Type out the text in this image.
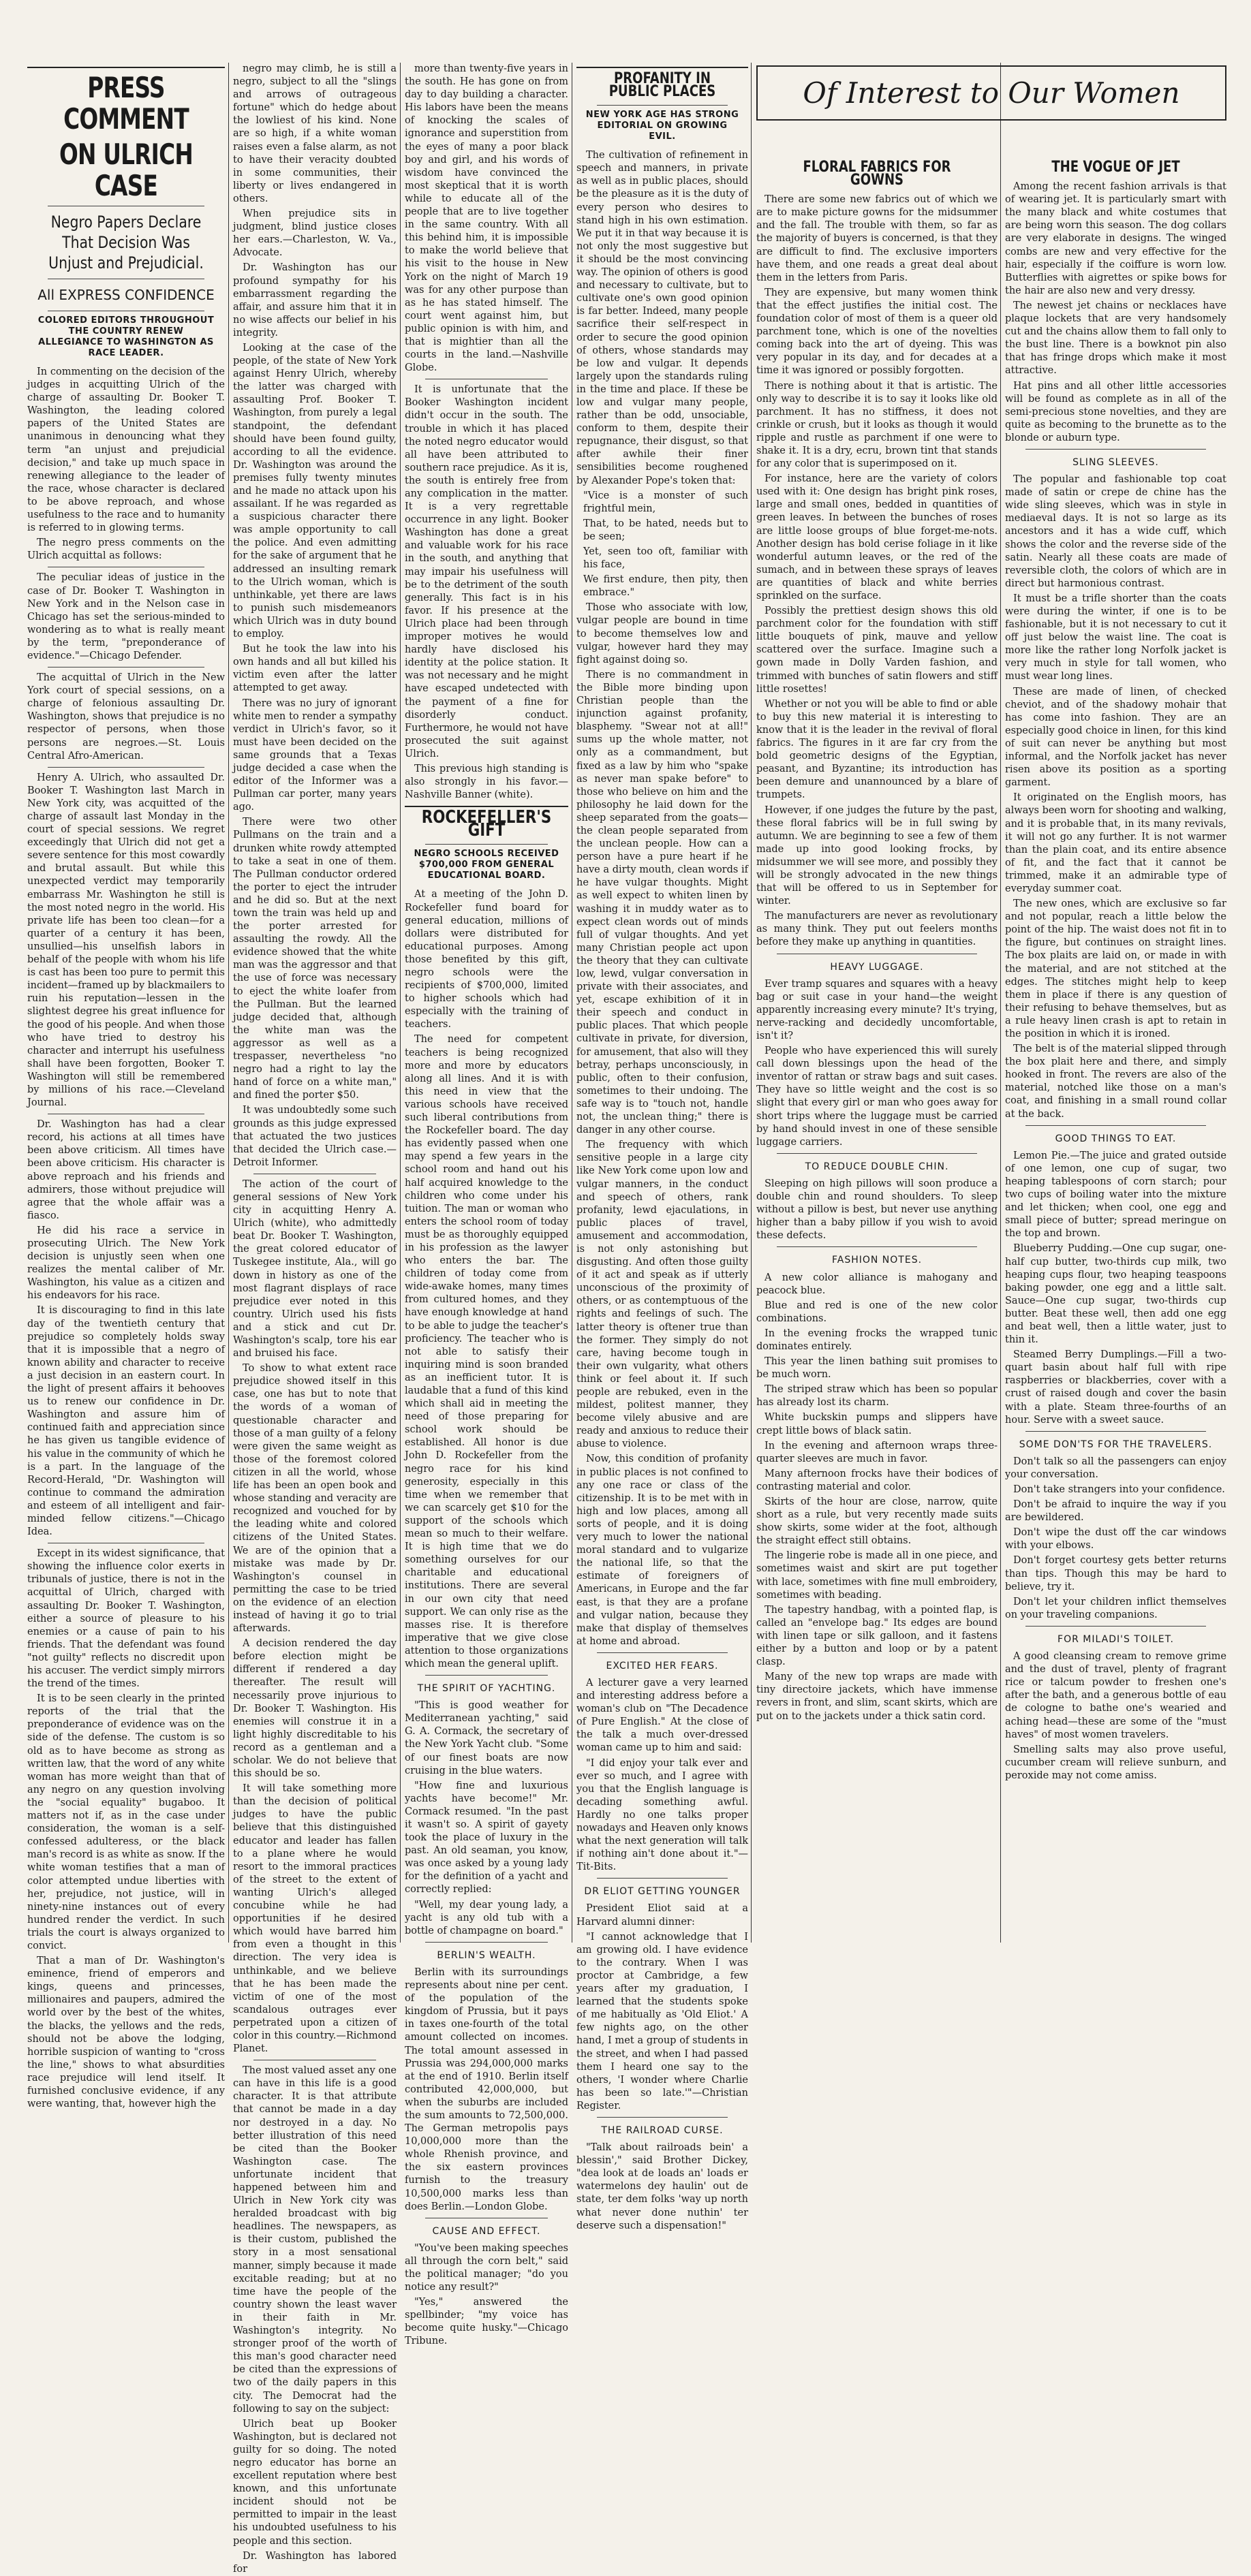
PRESS COMMENT
ON ULRICH CASE
Negro Papers Declare That Decision Was Unjust and Prejudicial.
All EXPRESS CONFIDENCE
COLORED EDITORS THROUGHOUT THE COUNTRY RENEW ALLEGIANCE TO WASHINGTON AS RACE LEADER.

In commenting on the decision of the judges in acquitting Ulrich of the charge of assaulting Dr. Booker T. Washington, the leading colored papers of the United States are unanimous in denouncing what they term "an unjust and prejudicial decision," and take up much space in renewing allegiance to the leader of the race, whose character is declared to be above reproach, and whose usefulness to the race and to humanity is referred to in glowing terms.

The negro press comments on the Ulrich acquittal as follows:

The peculiar ideas of justice in the case of Dr. Booker T. Washington in New York and in the Nelson case in Chicago has set the serious-minded to wondering as to what is really meant by the term, "preponderance of evidence."—Chicago Defender.

The acquittal of Ulrich in the New York court of special sessions, on a charge of felonious assaulting Dr. Washington, shows that prejudice is no respector of persons, when those persons are negroes.—St. Louis Central Afro-American.

Henry A. Ulrich, who assaulted Dr. Booker T. Washington last March in New York city, was acquitted of the charge of assault last Monday in the court of special sessions. We regret exceedingly that Ulrich did not get a severe sentence for this most cowardly and brutal assault. But while this unexpected verdict may temporarily embarrass Mr. Washington he still is the most noted negro in the world. His private life has been too clean—for a quarter of a century it has been, unsullied—his unselfish labors in behalf of the people with whom his life is cast has been too pure to permit this incident—framed up by blackmailers to ruin his reputation—lessen in the slightest degree his great influence for the good of his people. And when those who have tried to destroy his character and interrupt his usefulness shall have been forgotten, Booker T. Washington will still be remembered by millions of his race.—Cleveland Journal.

Dr. Washington has had a clear record, his actions at all times have been above criticism. All times have been above criticism. His character is above reproach and his friends and admirers, those without prejudice will agree that the whole affair was a fiasco.

He did his race a service in prosecuting Ulrich. The New York decision is unjustly seen when one realizes the mental caliber of Mr. Washington, his value as a citizen and his endeavors for his race.

It is discouraging to find in this late day of the twentieth century that prejudice so completely holds sway that it is impossible that a negro of known ability and character to receive a just decision in an eastern court. In the light of present affairs it behooves us to renew our confidence in Dr. Washington and assure him of continued faith and appreciation since he has given us tangible evidence of his value in the community of which he is a part. In the language of the Record-Herald, "Dr. Washington will continue to command the admiration and esteem of all intelligent and fair-minded fellow citizens."—Chicago Idea.

Except in its widest significance, that showing the influence color exerts in tribunals of justice, there is not in the acquittal of Ulrich, charged with assaulting Dr. Booker T. Washington, either a source of pleasure to his enemies or a cause of pain to his friends. That the defendant was found "not guilty" reflects no discredit upon his accuser. The verdict simply mirrors the trend of the times.

It is to be seen clearly in the printed reports of the trial that the preponderance of evidence was on the side of the defense. The custom is so old as to have become as strong as written law, that the word of any white woman has more weight than that of any negro on any question involving the "social equality" bugaboo. It matters not if, as in the case under consideration, the woman is a self-confessed adulteress, or the black man's record is as white as snow. If the white woman testifies that a man of color attempted undue liberties with her, prejudice, not justice, will in ninety-nine instances out of every hundred render the verdict. In such trials the court is always organized to convict.

That a man of Dr. Washington's eminence, friend of emperors and kings, queens and princesses, millionaires and paupers, admired the world over by the best of the whites, the blacks, the yellows and the reds, should not be above the lodging, horrible suspicion of wanting to "cross the line," shows to what absurdities race prejudice will lend itself. It furnished conclusive evidence, if any were wanting, that, however high the

negro may climb, he is still a negro, subject to all the "slings and arrows of outrageous fortune" which do hedge about the lowliest of his kind. None are so high, if a white woman raises even a false alarm, as not to have their veracity doubted in some communities, their liberty or lives endangered in others.

When prejudice sits in judgment, blind justice closes her ears.—Charleston, W. Va., Advocate.

Dr. Washington has our profound sympathy for his embarrassment regarding the affair, and assure him that it in no wise affects our belief in his integrity.

Looking at the case of the people, of the state of New York against Henry Ulrich, whereby the latter was charged with assaulting Prof. Booker T. Washington, from purely a legal standpoint, the defendant should have been found guilty, according to all the evidence. Dr. Washington was around the premises fully twenty minutes and he made no attack upon his assailant. If he was regarded as a suspicious character there was ample opportunity to call the police. And even admitting for the sake of argument that he addressed an insulting remark to the Ulrich woman, which is unthinkable, yet there are laws to punish such misdemeanors which Ulrich was in duty bound to employ.

But he took the law into his own hands and all but killed his victim even after the latter attempted to get away.

There was no jury of ignorant white men to render a sympathy verdict in Ulrich's favor, so it must have been decided on the same grounds that a Texas judge decided a case when the editor of the Informer was a Pullman car porter, many years ago.

There were two other Pullmans on the train and a drunken white rowdy attempted to take a seat in one of them. The Pullman conductor ordered the porter to eject the intruder and he did so. But at the next town the train was held up and the porter arrested for assaulting the rowdy. All the evidence showed that the white man was the aggressor and that the use of force was necessary to eject the white loafer from the Pullman. But the learned judge decided that, although the white man was the aggressor as well as a trespasser, nevertheless "no negro had a right to lay the hand of force on a white man," and fined the porter $50.

It was undoubtedly some such grounds as this judge expressed that actuated the two justices that decided the Ulrich case.—Detroit Informer.

The action of the court of general sessions of New York city in acquitting Henry A. Ulrich (white), who admittedly beat Dr. Booker T. Washington, the great colored educator of Tuskegee institute, Ala., will go down in history as one of the most flagrant displays of race prejudice ever noted in this country. Ulrich used his fists and a stick and cut Dr. Washington's scalp, tore his ear and bruised his face.

To show to what extent race prejudice showed itself in this case, one has but to note that the words of a woman of questionable character and those of a man guilty of a felony were given the same weight as those of the foremost colored citizen in all the world, whose life has been an open book and whose standing and veracity are recognized and vouched for by the leading white and colored citizens of the United States. We are of the opinion that a mistake was made by Dr. Washington's counsel in permitting the case to be tried on the evidence of an election instead of having it go to trial afterwards.

A decision rendered the day before election might be different if rendered a day thereafter. The result will necessarily prove injurious to Dr. Booker T. Washington. His enemies will construe it in a light highly discreditable to his record as a gentleman and a scholar. We do not believe that this should be so.

It will take something more than the decision of political judges to have the public believe that this distinguished educator and leader has fallen to a plane where he would resort to the immoral practices of the street to the extent of wanting Ulrich's alleged concubine while he had opportunities if he desired which would have barred him from even a thought in this direction. The very idea is unthinkable, and we believe that he has been made the victim of one of the most scandalous outrages ever perpetrated upon a citizen of color in this country.—Richmond Planet.

The most valued asset any one can have in this life is a good character. It is that attribute that cannot be made in a day nor destroyed in a day. No better illustration of this need be cited than the Booker Washington case. The unfortunate incident that happened between him and Ulrich in New York city was heralded broadcast with big headlines. The newspapers, as is their custom, published the story in a most sensational manner, simply because it made excitable reading; but at no time have the people of the country shown the least waver in their faith in Mr. Washington's integrity. No stronger proof of the worth of this man's good character need be cited than the expressions of two of the daily papers in this city. The Democrat had the following to say on the subject:

Ulrich beat up Booker Washington, but is declared not guilty for so doing. The noted negro educator has borne an excellent reputation where best known, and this unfortunate incident should not be permitted to impair in the least his undoubted usefulness to his people and this section.

Dr. Washington has labored for

more than twenty-five years in the south. He has gone on from day to day building a character. His labors have been the means of knocking the scales of ignorance and superstition from the eyes of many a poor black boy and girl, and his words of wisdom have convinced the most skeptical that it is worth while to educate all of the people that are to live together in the same country. With all this behind him, it is impossible to make the world believe that his visit to the house in New York on the night of March 19 was for any other purpose than as he has stated himself. The court went against him, but public opinion is with him, and that is mightier than all the courts in the land.—Nashville Globe.

It is unfortunate that the Booker Washington incident didn't occur in the south. The trouble in which it has placed the noted negro educator would all have been attributed to southern race prejudice. As it is, the south is entirely free from any complication in the matter. It is a very regrettable occurrence in any light. Booker Washington has done a great and valuable work for his race in the south, and anything that may impair his usefulness will be to the detriment of the south generally. This fact is in his favor. If his presence at the Ulrich place had been through improper motives he would hardly have disclosed his identity at the police station. It was not necessary and he might have escaped undetected with the payment of a fine for disorderly conduct. Furthermore, he would not have prosecuted the suit against Ulrich.

This previous high standing is also strongly in his favor.—Nashville Banner (white).

ROCKEFELLER'S GIFT
NEGRO SCHOOLS RECEIVED $700,000 FROM GENERAL EDUCATIONAL BOARD.

At a meeting of the John D. Rockefeller fund board for general education, millions of dollars were distributed for educational purposes. Among those benefited by this gift, negro schools were the recipients of $700,000, limited to higher schools which had especially with the training of teachers.

The need for competent teachers is being recognized more and more by educators along all lines. And it is with this need in view that the various schools have received such liberal contributions from the Rockefeller board. The day has evidently passed when one may spend a few years in the school room and hand out his half acquired knowledge to the children who come under his tuition. The man or woman who enters the school room of today must be as thoroughly equipped in his profession as the lawyer who enters the bar. The children of today come from wide-awake homes, many times from cultured homes, and they have enough knowledge at hand to be able to judge the teacher's proficiency. The teacher who is not able to satisfy their inquiring mind is soon branded as an inefficient tutor. It is laudable that a fund of this kind which shall aid in meeting the need of those preparing for school work should be established. All honor is due John D. Rockefeller from the negro race for his kind generosity, especially in this time when we remember that we can scarcely get $10 for the support of the schools which mean so much to their welfare. It is high time that we do something ourselves for our charitable and educational institutions. There are several in our own city that need support. We can only rise as the masses rise. It is therefore imperative that we give close attention to those organizations which mean the general uplift.

THE SPIRIT OF YACHTING.

"This is good weather for Mediterranean yachting," said G. A. Cormack, the secretary of the New York Yacht club. "Some of our finest boats are now cruising in the blue waters.

"How fine and luxurious yachts have become!" Mr. Cormack resumed. "In the past it wasn't so. A spirit of gayety took the place of luxury in the past. An old seaman, you know, was once asked by a young lady for the definition of a yacht and correctly replied:

"Well, my dear young lady, a yacht is any old tub with a bottle of champagne on board."

BERLIN'S WEALTH.

Berlin with its surroundings represents about nine per cent. of the population of the kingdom of Prussia, but it pays in taxes one-fourth of the total amount collected on incomes. The total amount assessed in Prussia was 294,000,000 marks at the end of 1910. Berlin itself contributed 42,000,000, but when the suburbs are included the sum amounts to 72,500,000. The German metropolis pays 10,000,000 more than the whole Rhenish province, and the six eastern provinces furnish to the treasury 10,500,000 marks less than does Berlin.—London Globe.

CAUSE AND EFFECT.

"You've been making speeches all through the corn belt," said the political manager; "do you notice any result?"

"Yes," answered the spellbinder; "my voice has become quite husky."—Chicago Tribune.

PROFANITY IN PUBLIC PLACES
NEW YORK AGE HAS STRONG EDITORIAL ON GROWING EVIL.

The cultivation of refinement in speech and manners, in private as well as in public places, should be the pleasure as it is the duty of every person who desires to stand high in his own estimation. We put it in that way because it is not only the most suggestive but it should be the most convincing way. The opinion of others is good and necessary to cultivate, but to cultivate one's own good opinion is far better. Indeed, many people sacrifice their self-respect in order to secure the good opinion of others, whose standards may be low and vulgar. It depends largely upon the standards ruling in the time and place. If these be low and vulgar many people, rather than be odd, unsociable, conform to them, despite their repugnance, their disgust, so that after awhile their finer sensibilities become roughened by Alexander Pope's token that:

"Vice is a monster of such frightful mein,

That, to be hated, needs but to be seen;

Yet, seen too oft, familiar with his face,

We first endure, then pity, then embrace."

Those who associate with low, vulgar people are bound in time to become themselves low and vulgar, however hard they may fight against doing so.

There is no commandment in the Bible more binding upon Christian people than the injunction against profanity, blasphemy. "Swear not at all!" sums up the whole matter, not only as a commandment, but fixed as a law by him who "spake as never man spake before" to those who believe on him and the philosophy he laid down for the sheep separated from the goats—the clean people separated from the unclean people. How can a person have a pure heart if he have a dirty mouth, clean words if he have vulgar thoughts. Might as well expect to whiten linen by washing it in muddy water as to expect clean words out of minds full of vulgar thoughts. And yet many Christian people act upon the theory that they can cultivate low, lewd, vulgar conversation in private with their associates, and yet, escape exhibition of it in their speech and conduct in public places. That which people cultivate in private, for diversion, for amusement, that also will they betray, perhaps unconsciously, in public, often to their confusion, sometimes to their undoing. The safe way is to "touch not, handle not, the unclean thing;" there is danger in any other course.

The frequency with which sensitive people in a large city like New York come upon low and vulgar manners, in the conduct and speech of others, rank profanity, lewd ejaculations, in public places of travel, amusement and accommodation, is not only astonishing but disgusting. And often those guilty of it act and speak as if utterly unconscious of the proximity of others, or as contemptuous of the rights and feelings of such. The latter theory is oftener true than the former. They simply do not care, having become tough in their own vulgarity, what others think or feel about it. If such people are rebuked, even in the mildest, politest manner, they become vilely abusive and are ready and anxious to reduce their abuse to violence.

Now, this condition of profanity in public places is not confined to any one race or class of the citizenship. It is to be met with in high and low places, among all sorts of people, and it is doing very much to lower the national moral standard and to vulgarize the national life, so that the estimate of foreigners of Americans, in Europe and the far east, is that they are a profane and vulgar nation, because they make that display of themselves at home and abroad.

EXCITED HER FEARS.

A lecturer gave a very learned and interesting address before a woman's club on "The Decadence of Pure English." At the close of the talk a much over-dressed woman came up to him and said:

"I did enjoy your talk ever and ever so much, and I agree with you that the English language is decading something awful. Hardly no one talks proper nowadays and Heaven only knows what the next generation will talk if nothing ain't done about it."—Tit-Bits.

DR ELIOT GETTING YOUNGER

President Eliot said at a Harvard alumni dinner:

"I cannot acknowledge that I am growing old. I have evidence to the contrary. When I was proctor at Cambridge, a few years after my graduation, I learned that the students spoke of me habitually as 'Old Eliot.' A few nights ago, on the other hand, I met a group of students in the street, and when I had passed them I heard one say to the others, 'I wonder where Charlie has been so late.'"—Christian Register.

THE RAILROAD CURSE.

"Talk about railroads bein' a blessin'," said Brother Dickey, "dea look at de loads an' loads er watermelons dey haulin' out de state, ter dem folks 'way up north what never done nuthin' ter deserve such a dispensation!"

Of Interest to Our Women
FLORAL FABRICS FOR GOWNS

There are some new fabrics out of which we are to make picture gowns for the midsummer and the fall. The trouble with them, so far as the majority of buyers is concerned, is that they are difficult to find. The exclusive importers have them, and one reads a great deal about them in the letters from Paris.

They are expensive, but many women think that the effect justifies the initial cost. The foundation color of most of them is a queer old parchment tone, which is one of the novelties coming back into the art of dyeing. This was very popular in its day, and for decades at a time it was ignored or possibly forgotten.

There is nothing about it that is artistic. The only way to describe it is to say it looks like old parchment. It has no stiffness, it does not crinkle or crush, but it looks as though it would ripple and rustle as parchment if one were to shake it. It is a dry, ecru, brown tint that stands for any color that is superimposed on it.

For instance, here are the variety of colors used with it: One design has bright pink roses, large and small ones, bedded in quantities of green leaves. In between the bunches of roses are little loose groups of blue forget-me-nots. Another design has bold cerise foliage in it like wonderful autumn leaves, or the red of the sumach, and in between these sprays of leaves are quantities of black and white berries sprinkled on the surface.

Possibly the prettiest design shows this old parchment color for the foundation with stiff little bouquets of pink, mauve and yellow scattered over the surface. Imagine such a gown made in Dolly Varden fashion, and trimmed with bunches of satin flowers and stiff little rosettes!

Whether or not you will be able to find or able to buy this new material it is interesting to know that it is the leader in the revival of floral fabrics. The figures in it are far cry from the bold geometric designs of the Egyptian, peasant, and Byzantine; its introduction has been demure and unannounced by a blare of trumpets.

However, if one judges the future by the past, these floral fabrics will be in full swing by autumn. We are beginning to see a few of them made up into good looking frocks, by midsummer we will see more, and possibly they will be strongly advocated in the new things that will be offered to us in September for winter.

The manufacturers are never as revolutionary as many think. They put out feelers months before they make up anything in quantities.

HEAVY LUGGAGE.

Ever tramp squares and squares with a heavy bag or suit case in your hand—the weight apparently increasing every minute? It's trying, nerve-racking and decidedly uncomfortable, isn't it?

People who have experienced this will surely call down blessings upon the head of the inventor of rattan or straw bags and suit cases. They have so little weight and the cost is so slight that every girl or man who goes away for short trips where the luggage must be carried by hand should invest in one of these sensible luggage carriers.

TO REDUCE DOUBLE CHIN.

Sleeping on high pillows will soon produce a double chin and round shoulders. To sleep without a pillow is best, but never use anything higher than a baby pillow if you wish to avoid these defects.

FASHION NOTES.

A new color alliance is mahogany and peacock blue.

Blue and red is one of the new color combinations.

In the evening frocks the wrapped tunic dominates entirely.

This year the linen bathing suit promises to be much worn.

The striped straw which has been so popular has already lost its charm.

White buckskin pumps and slippers have crept little bows of black satin.

In the evening and afternoon wraps three-quarter sleeves are much in favor.

Many afternoon frocks have their bodices of contrasting material and color.

Skirts of the hour are close, narrow, quite short as a rule, but very recently made suits show skirts, some wider at the foot, although the straight effect still obtains.

The lingerie robe is made all in one piece, and sometimes waist and skirt are put together with lace, sometimes with fine mull embroidery, sometimes with beading.

The tapestry handbag, with a pointed flap, is called an "envelope bag." Its edges are bound with linen tape or silk galloon, and it fastens either by a button and loop or by a patent clasp.

Many of the new top wraps are made with tiny directoire jackets, which have immense revers in front, and slim, scant skirts, which are put on to the jackets under a thick satin cord.

THE VOGUE OF JET

Among the recent fashion arrivals is that of wearing jet. It is particularly smart with the many black and white costumes that are being worn this season. The dog collars are very elaborate in designs. The winged combs are new and very effective for the hair, especially if the coiffure is worn low. Butterflies with aigrettes or spike bows for the hair are also new and very dressy.

The newest jet chains or necklaces have plaque lockets that are very handsomely cut and the chains allow them to fall only to the bust line. There is a bowknot pin also that has fringe drops which make it most attractive.

Hat pins and all other little accessories will be found as complete as in all of the semi-precious stone novelties, and they are quite as becoming to the brunette as to the blonde or auburn type.

SLING SLEEVES.

The popular and fashionable top coat made of satin or crepe de chine has the wide sling sleeves, which was in style in mediaeval days. It is not so large as its ancestors and it has a wide cuff, which shows the color and the reverse side of the satin. Nearly all these coats are made of reversible cloth, the colors of which are in direct but harmonious contrast.

It must be a trifle shorter than the coats were during the winter, if one is to be fashionable, but it is not necessary to cut it off just below the waist line. The coat is more like the rather long Norfolk jacket is very much in style for tall women, who must wear long lines.

These are made of linen, of checked cheviot, and of the shadowy mohair that has come into fashion. They are an especially good choice in linen, for this kind of suit can never be anything but most informal, and the Norfolk jacket has never risen above its position as a sporting garment.

It originated on the English moors, has always been worn for shooting and walking, and it is probable that, in its many revivals, it will not go any further. It is not warmer than the plain coat, and its entire absence of fit, and the fact that it cannot be trimmed, make it an admirable type of everyday summer coat.

The new ones, which are exclusive so far and not popular, reach a little below the point of the hip. The waist does not fit in to the figure, but continues on straight lines. The box plaits are laid on, or made in with the material, and are not stitched at the edges. The stitches might help to keep them in place if there is any question of their refusing to behave themselves, but as a rule heavy linen crash is apt to retain in the position in which it is ironed.

The belt is of the material slipped through the box plait here and there, and simply hooked in front. The revers are also of the material, notched like those on a man's coat, and finishing in a small round collar at the back.

GOOD THINGS TO EAT.

Lemon Pie.—The juice and grated outside of one lemon, one cup of sugar, two heaping tablespoons of corn starch; pour two cups of boiling water into the mixture and let thicken; when cool, one egg and small piece of butter; spread meringue on the top and brown.

Blueberry Pudding.—One cup sugar, one-half cup butter, two-thirds cup milk, two heaping cups flour, two heaping teaspoons baking powder, one egg and a little salt. Sauce—One cup sugar, two-thirds cup butter. Beat these well, then add one egg and beat well, then a little water, just to thin it.

Steamed Berry Dumplings.—Fill a two-quart basin about half full with ripe raspberries or blackberries, cover with a crust of raised dough and cover the basin with a plate. Steam three-fourths of an hour. Serve with a sweet sauce.

SOME DON'TS FOR THE TRAVELERS.

Don't talk so all the passengers can enjoy your conversation.

Don't take strangers into your confidence.

Don't be afraid to inquire the way if you are bewildered.

Don't wipe the dust off the car windows with your elbows.

Don't forget courtesy gets better returns than tips. Though this may be hard to believe, try it.

Don't let your children inflict themselves on your traveling companions.

FOR MILADI'S TOILET.

A good cleansing cream to remove grime and the dust of travel, plenty of fragrant rice or talcum powder to freshen one's after the bath, and a generous bottle of eau de cologne to bathe one's wearied and aching head—these are some of the "must haves" of most women travelers.

Smelling salts may also prove useful, cucumber cream will relieve sunburn, and peroxide may not come amiss.
